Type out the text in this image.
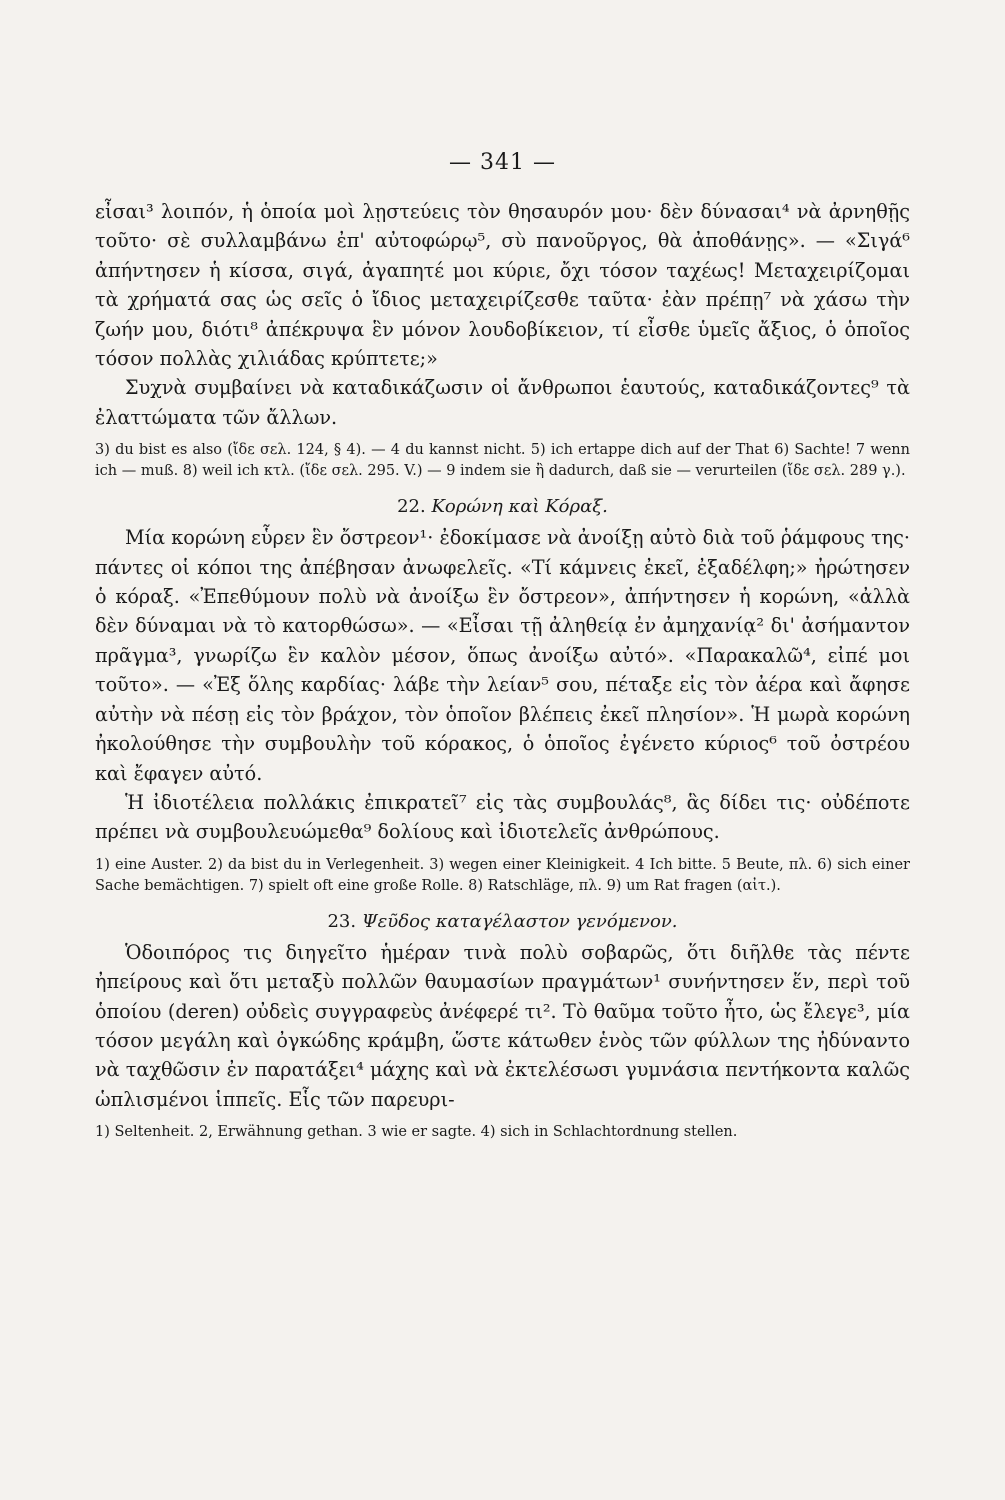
— 341 —

εἶσαι³ λοιπόν, ἡ ὁποία μοὶ λῃστεύεις τὸν θησαυρόν μου· δὲν δύνασαι⁴ νὰ ἀρνηθῇς τοῦτο· σὲ συλλαμβάνω ἐπ' αὐτοφώρῳ⁵, σὺ πανοῦργος, θὰ ἀποθάνῃς». — «Σιγά⁶ ἀπήντησεν ἡ κίσσα, σιγά, ἀγαπητέ μοι κύριε, ὄχι τόσον ταχέως! Μεταχειρίζομαι τὰ χρήματά σας ὡς σεῖς ὁ ἴδιος μεταχειρίζεσθε ταῦτα· ἐὰν πρέπῃ⁷ νὰ χάσω τὴν ζωήν μου, διότι⁸ ἀπέκρυψα ἓν μόνον λουδοβίκειον, τί εἶσθε ὑμεῖς ἄξιος, ὁ ὁποῖος τόσον πολλὰς χιλιάδας κρύπτετε;»

Συχνὰ συμβαίνει νὰ καταδικάζωσιν οἱ ἄνθρωποι ἑαυτούς, καταδικάζοντες⁹ τὰ ἐλαττώματα τῶν ἄλλων.

3) du bist es also (ἴδε σελ. 124, § 4). — 4 du kannst nicht. 5) ich ertappe dich auf der That 6) Sachte! 7 wenn ich — muß. 8) weil ich κτλ. (ἴδε σελ. 295. V.) — 9 indem sie ἢ dadurch, daß sie — verurteilen (ἴδε σελ. 289 γ.).

22. Κορώνη καὶ Κόραξ.

Μία κορώνη εὗρεν ἓν ὄστρεον¹· ἐδοκίμασε νὰ ἀνοίξῃ αὐτὸ διὰ τοῦ ῥάμφους της· πάντες οἱ κόποι της ἀπέβησαν ἀνωφελεῖς. «Τί κάμνεις ἐκεῖ, ἐξαδέλφη;» ἠρώτησεν ὁ κόραξ. «Ἐπεθύμουν πολὺ νὰ ἀνοίξω ἓν ὄστρεον», ἀπήντησεν ἡ κορώνη, «ἀλλὰ δὲν δύναμαι νὰ τὸ κατορθώσω». — «Εἶσαι τῇ ἀληθείᾳ ἐν ἀμηχανίᾳ² δι' ἀσήμαντον πρᾶγμα³, γνωρίζω ἓν καλὸν μέσον, ὅπως ἀνοίξω αὐτό». «Παρακαλῶ⁴, εἰπέ μοι τοῦτο». — «Ἐξ ὅλης καρδίας· λάβε τὴν λείαν⁵ σου, πέταξε εἰς τὸν ἀέρα καὶ ἄφησε αὐτὴν νὰ πέσῃ εἰς τὸν βράχον, τὸν ὁποῖον βλέπεις ἐκεῖ πλησίον». Ἡ μωρὰ κορώνη ἠκολούθησε τὴν συμβουλὴν τοῦ κόρακος, ὁ ὁποῖος ἐγένετο κύριος⁶ τοῦ ὀστρέου καὶ ἔφαγεν αὐτό.

Ἡ ἰδιοτέλεια πολλάκις ἐπικρατεῖ⁷ εἰς τὰς συμβουλάς⁸, ἃς δίδει τις· οὐδέποτε πρέπει νὰ συμβουλευώμεθα⁹ δολίους καὶ ἰδιοτελεῖς ἀνθρώπους.

1) eine Auster. 2) da bist du in Verlegenheit. 3) wegen einer Kleinigkeit. 4 Ich bitte. 5 Beute, πλ. 6) sich einer Sache bemächtigen. 7) spielt oft eine große Rolle. 8) Ratschläge, πλ. 9) um Rat fragen (αἰτ.).

23. Ψεῦδος καταγέλαστον γενόμενον.

Ὁδοιπόρος τις διηγεῖτο ἡμέραν τινὰ πολὺ σοβαρῶς, ὅτι διῆλθε τὰς πέντε ἠπείρους καὶ ὅτι μεταξὺ πολλῶν θαυμασίων πραγμάτων¹ συνήντησεν ἕν, περὶ τοῦ ὁποίου (deren) οὐδεὶς συγγραφεὺς ἀνέφερέ τι². Τὸ θαῦμα τοῦτο ἦτο, ὡς ἔλεγε³, μία τόσον μεγάλη καὶ ὀγκώδης κράμβη, ὥστε κάτωθεν ἑνὸς τῶν φύλλων της ἠδύναντο νὰ ταχθῶσιν ἐν παρατάξει⁴ μάχης καὶ νὰ ἐκτελέσωσι γυμνάσια πεντήκοντα καλῶς ὡπλισμένοι ἱππεῖς. Εἷς τῶν παρευρι-

1) Seltenheit. 2, Erwähnung gethan. 3 wie er sagte. 4) sich in Schlachtordnung stellen.
